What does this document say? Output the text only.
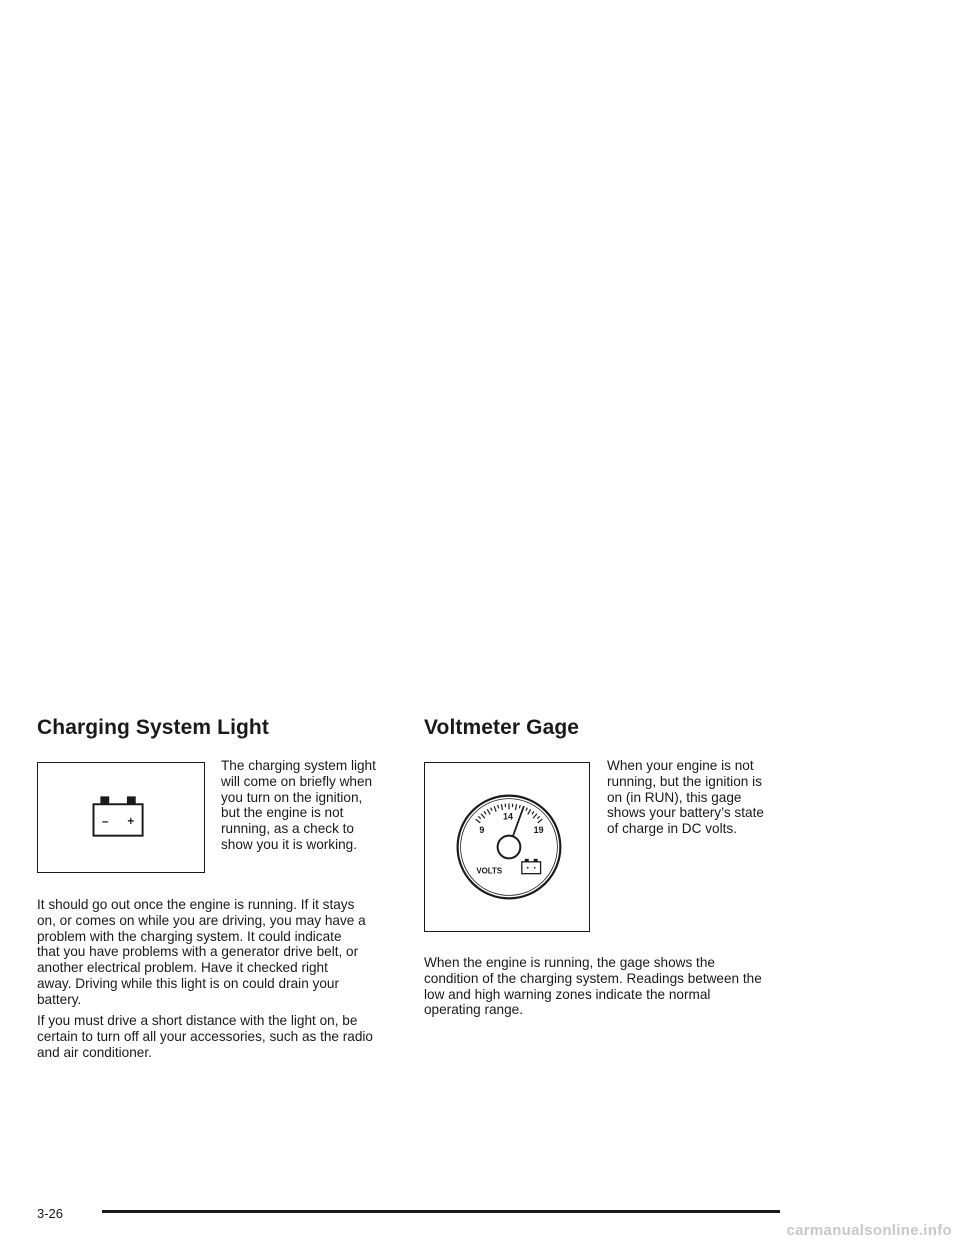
Charging System Light
– +

The charging system light
will come on briefly when
you turn on the ignition,
but the engine is not
running, as a check to
show you it is working.

It should go out once the engine is running. If it stays
on, or comes on while you are driving, you may have a
problem with the charging system. It could indicate
that you have problems with a generator drive belt, or
another electrical problem. Have it checked right
away. Driving while this light is on could drain your
battery.

If you must drive a short distance with the light on, be
certain to turn off all your accessories, such as the radio
and air conditioner.

Voltmeter Gage
9
14
19
VOLTS

When your engine is not
running, but the ignition is
on (in RUN), this gage
shows your battery’s state
of charge in DC volts.

When the engine is running, the gage shows the
condition of the charging system. Readings between the
low and high warning zones indicate the normal
operating range.

3-26
carmanualsonline.info
